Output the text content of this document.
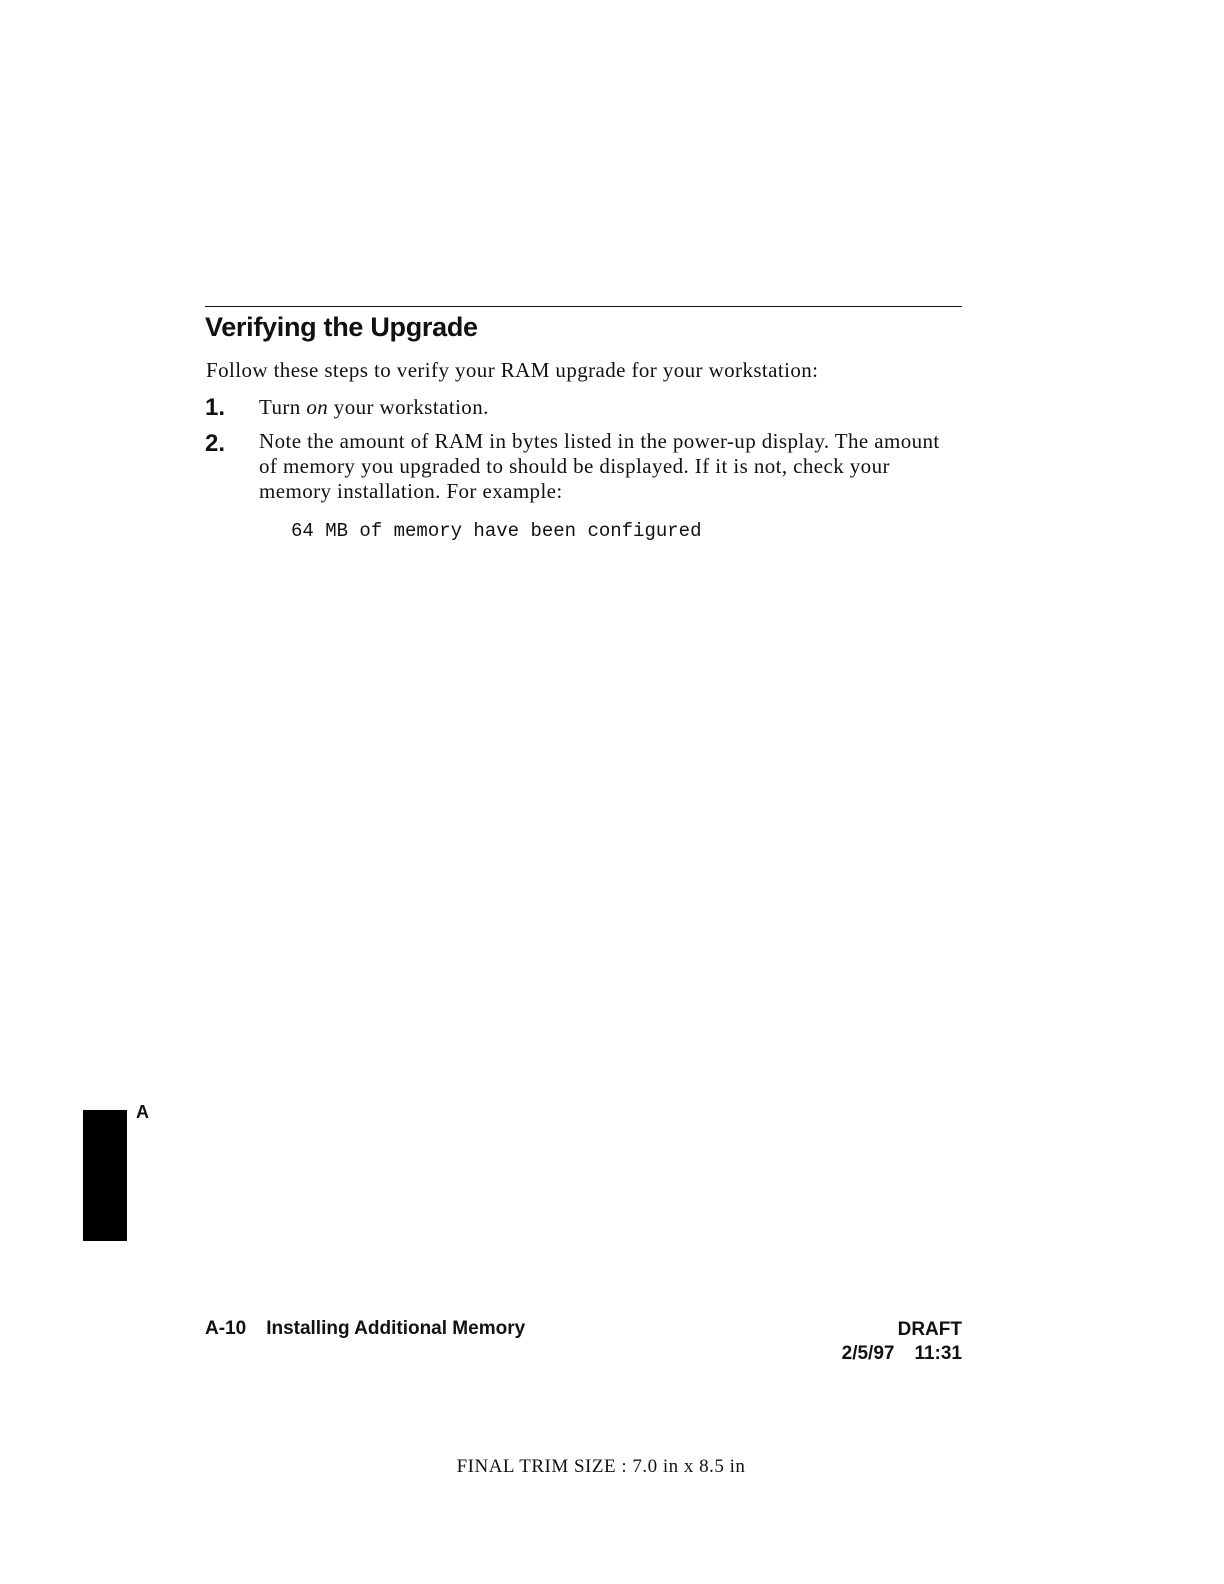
Verifying the Upgrade

Follow these steps to verify your RAM upgrade for your workstation:

1. Turn on your workstation.

2. Note the amount of RAM in bytes listed in the power-up display. The amount of memory you upgraded to should be displayed. If it is not, check your memory installation. For example:

64 MB of memory have been configured
A
A-10 Installing Additional Memory	DRAFT
2/5/97 11:31
FINAL TRIM SIZE : 7.0 in x 8.5 in
